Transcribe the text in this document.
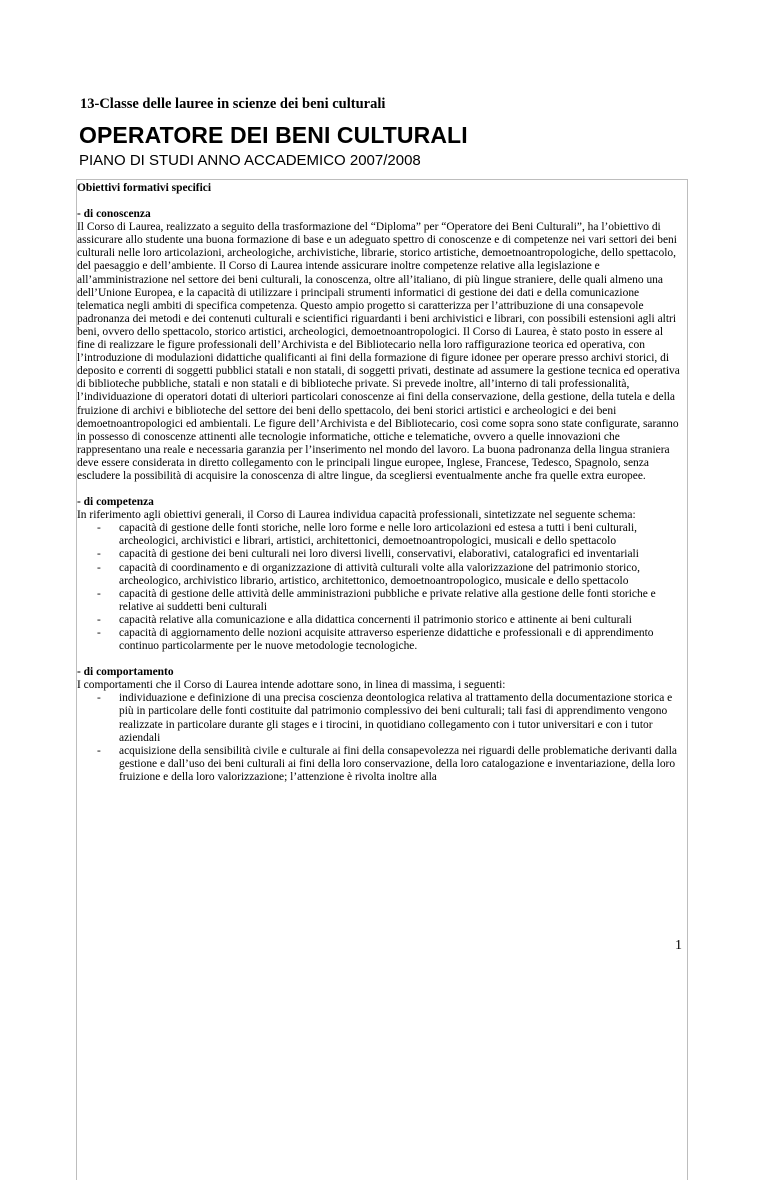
13-Classe delle lauree in scienze dei beni culturali
OPERATORE DEI BENI CULTURALI
PIANO DI STUDI ANNO ACCADEMICO 2007/2008

Obiettivi formativi specifici

- di conoscenza

Il Corso di Laurea, realizzato a seguito della trasformazione del “Diploma” per “Operatore dei Beni Culturali”, ha l’obiettivo di assicurare allo studente una buona formazione di base e un adeguato spettro di conoscenze e di competenze nei vari settori dei beni culturali nelle loro articolazioni, archeologiche, archivistiche, librarie, storico artistiche, demoetnoantropologiche, dello spettacolo, del paesaggio e dell’ambiente. Il Corso di Laurea intende assicurare inoltre competenze relative alla legislazione e all’amministrazione nel settore dei beni culturali, la conoscenza, oltre all’italiano, di più lingue straniere, delle quali almeno una dell’Unione Europea, e la capacità di utilizzare i principali strumenti informatici di gestione dei dati e della comunicazione telematica negli ambiti di specifica competenza. Questo ampio progetto si caratterizza per l’attribuzione di una consapevole padronanza dei metodi e dei contenuti culturali e scientifici riguardanti i beni archivistici e librari, con possibili estensioni agli altri beni, ovvero dello spettacolo, storico artistici, archeologici, demoetnoantropologici. Il Corso di Laurea, è stato posto in essere al fine di realizzare le figure professionali dell’Archivista e del Bibliotecario nella loro raffigurazione teorica ed operativa, con l’introduzione di modulazioni didattiche qualificanti ai fini della formazione di figure idonee per operare presso archivi storici, di deposito e correnti di soggetti pubblici statali e non statali, di soggetti privati, destinate ad assumere la gestione tecnica ed operativa di biblioteche pubbliche, statali e non statali e di biblioteche private. Si prevede inoltre, all’interno di tali professionalità, l’individuazione di operatori dotati di ulteriori particolari conoscenze ai fini della conservazione, della gestione, della tutela e della fruizione di archivi e biblioteche del settore dei beni dello spettacolo, dei beni storici artistici e archeologici e dei beni demoetnoantropologici ed ambientali. Le figure dell’Archivista e del Bibliotecario, così come sopra sono state configurate, saranno in possesso di conoscenze attinenti alle tecnologie informatiche, ottiche e telematiche, ovvero a quelle innovazioni che rappresentano una reale e necessaria garanzia per l’inserimento nel mondo del lavoro. La buona padronanza della lingua straniera deve essere considerata in diretto collegamento con le principali lingue europee, Inglese, Francese, Tedesco, Spagnolo, senza escludere la possibilità di acquisire la conoscenza di altre lingue, da scegliersi eventualmente anche fra quelle extra europee.

- di competenza

In riferimento agli obiettivi generali, il Corso di Laurea individua capacità professionali, sintetizzate nel seguente schema:

- capacità di gestione delle fonti storiche, nelle loro forme e nelle loro articolazioni ed estesa a tutti i beni culturali, archeologici, archivistici e librari, artistici, architettonici, demoetnoantropologici, musicali e dello spettacolo
- capacità di gestione dei beni culturali nei loro diversi livelli, conservativi, elaborativi, catalografici ed inventariali
- capacità di coordinamento e di organizzazione di attività culturali volte alla valorizzazione del patrimonio storico, archeologico, archivistico librario, artistico, architettonico, demoetnoantropologico, musicale e dello spettacolo
- capacità di gestione delle attività delle amministrazioni pubbliche e private relative alla gestione delle fonti storiche e relative ai suddetti beni culturali
- capacità relative alla comunicazione e alla didattica concernenti il patrimonio storico e attinente ai beni culturali
- capacità di aggiornamento delle nozioni acquisite attraverso esperienze didattiche e professionali e di apprendimento continuo particolarmente per le nuove metodologie tecnologiche.

- di comportamento

I comportamenti che il Corso di Laurea intende adottare sono, in linea di massima, i seguenti:

- individuazione e definizione di una precisa coscienza deontologica relativa al trattamento della documentazione storica e più in particolare delle fonti costituite dal patrimonio complessivo dei beni culturali; tali fasi di apprendimento vengono realizzate in particolare durante gli stages e i tirocini, in quotidiano collegamento con i tutor universitari e con i tutor aziendali
- acquisizione della sensibilità civile e culturale ai fini della consapevolezza nei riguardi delle problematiche derivanti dalla gestione e dall’uso dei beni culturali ai fini della loro conservazione, della loro catalogazione e inventariazione, della loro fruizione e della loro valorizzazione; l’attenzione è rivolta inoltre alla
1
